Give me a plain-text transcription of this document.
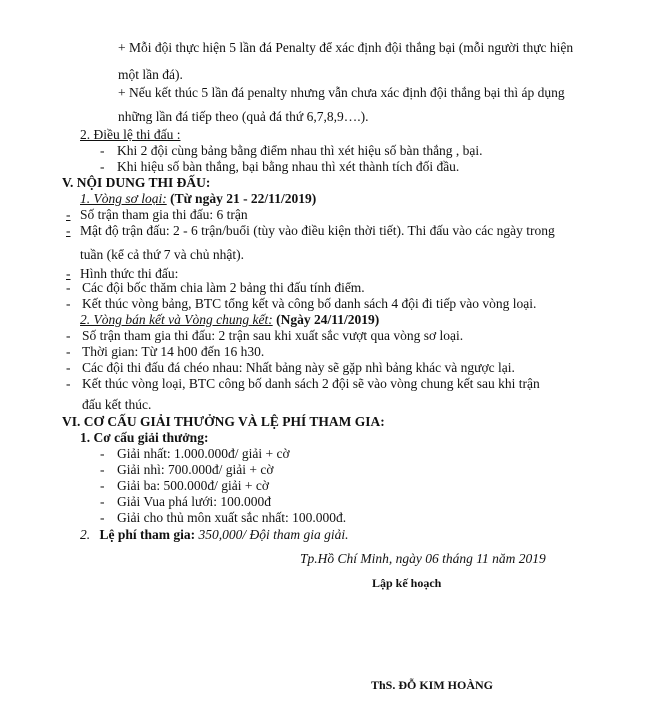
+ Mỗi đội thực hiện 5 lần đá Penalty để xác định đội thắng bại (mỗi người thực hiện
một lần đá).
+ Nếu kết thúc 5 lần đá penalty nhưng vẫn chưa xác định đội thắng bại thì áp dụng
những lần đá tiếp theo (quả đá thứ 6,7,8,9….).
2. Điều lệ thi đấu :
- Khi 2 đội cùng bảng bằng điểm nhau thì xét hiệu số bàn thắng , bại.
- Khi hiệu số bàn thắng, bại bằng nhau thì xét thành tích đối đầu.
V. NỘI DUNG THI ĐẤU:
1. Vòng sơ loại: (Từ ngày 21 - 22/11/2019)
- Số trận tham gia thi đấu: 6 trận
- Mật độ trận đấu: 2 - 6 trận/buổi (tùy vào điều kiện thời tiết). Thi đấu vào các ngày trong
tuần (kể cả thứ 7 và chủ nhật).
- Hình thức thi đấu:
- Các đội bốc thăm chia làm 2 bảng thi đấu tính điểm.
- Kết thúc vòng bảng, BTC tổng kết và công bố danh sách 4 đội đi tiếp vào vòng loại.
2. Vòng bán kết và Vòng chung kết: (Ngày 24/11/2019)
- Số trận tham gia thi đấu: 2 trận sau khi xuất sắc vượt qua vòng sơ loại.
- Thời gian: Từ 14 h00 đến 16 h30.
- Các đội thi đấu đá chéo nhau: Nhất bảng này sẽ gặp nhì bảng khác và ngược lại.
- Kết thúc vòng loại, BTC công bố danh sách 2 đội sẽ vào vòng chung kết sau khi trận
đấu kết thúc.
VI. CƠ CẤU GIẢI THƯỞNG VÀ LỆ PHÍ THAM GIA:
1. Cơ cấu giải thưởng:
- Giải nhất: 1.000.000đ/ giải + cờ
- Giải nhì: 700.000đ/ giải + cờ
- Giải ba: 500.000đ/ giải + cờ
- Giải Vua phá lưới: 100.000đ
- Giải cho thủ môn xuất sắc nhất: 100.000đ.
2. Lệ phí tham gia: 350,000/ Đội tham gia giải.
Tp.Hồ Chí Minh, ngày 06 tháng 11 năm 2019
Lập kế hoạch
ThS. ĐỖ KIM HOÀNG
